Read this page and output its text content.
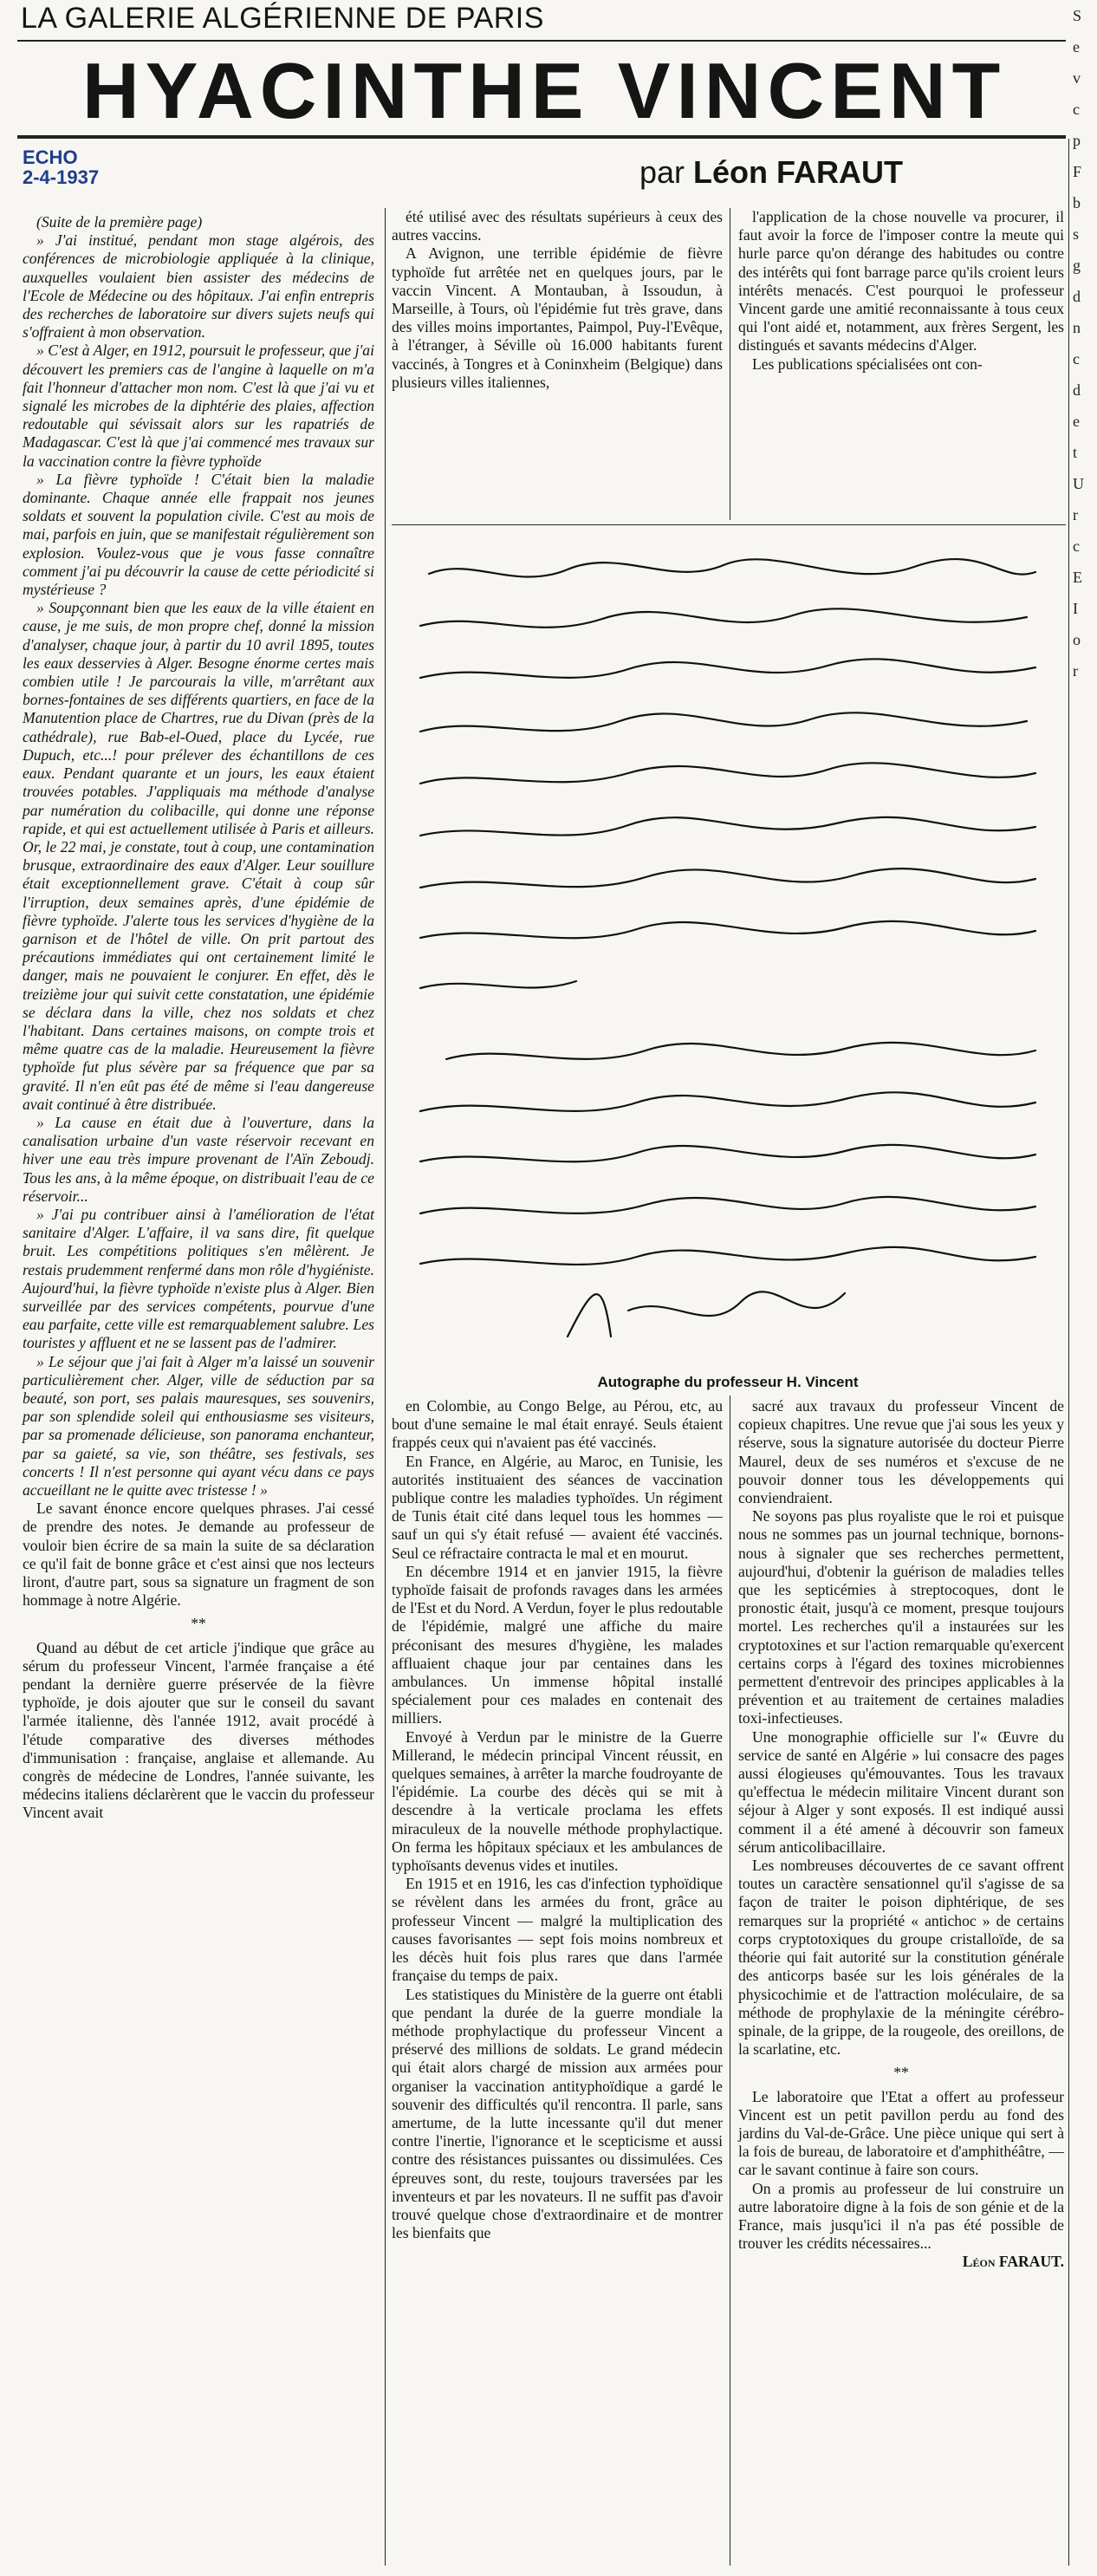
LA GALERIE ALGÉRIENNE DE PARIS
HYACINTHE VINCENT
ECHO
2-4-1937	par Léon FARAUT

(Suite de la première page)

» J'ai institué, pendant mon stage algérois, des conférences de microbiologie appliquée à la clinique, auxquelles voulaient bien assister des médecins de l'Ecole de Médecine ou des hôpitaux. J'ai enfin entrepris des recherches de laboratoire sur divers sujets neufs qui s'offraient à mon observation.

» C'est à Alger, en 1912, poursuit le professeur, que j'ai découvert les premiers cas de l'angine à laquelle on m'a fait l'honneur d'attacher mon nom. C'est là que j'ai vu et signalé les microbes de la diphtérie des plaies, affection redoutable qui sévissait alors sur les rapatriés de Madagascar. C'est là que j'ai commencé mes travaux sur la vaccination contre la fièvre typhoïde

» La fièvre typhoïde ! C'était bien la maladie dominante. Chaque année elle frappait nos jeunes soldats et souvent la population civile. C'est au mois de mai, parfois en juin, que se manifestait régulièrement son explosion. Voulez-vous que je vous fasse connaître comment j'ai pu découvrir la cause de cette périodicité si mystérieuse ?

» Soupçonnant bien que les eaux de la ville étaient en cause, je me suis, de mon propre chef, donné la mission d'analyser, chaque jour, à partir du 10 avril 1895, toutes les eaux desservies à Alger. Besogne énorme certes mais combien utile ! Je parcourais la ville, m'arrêtant aux bornes-fontaines de ses différents quartiers, en face de la Manutention place de Chartres, rue du Divan (près de la cathédrale), rue Bab-el-Oued, place du Lycée, rue Dupuch, etc...! pour prélever des échantillons de ces eaux. Pendant quarante et un jours, les eaux étaient trouvées potables. J'appliquais ma méthode d'analyse par numération du colibacille, qui donne une réponse rapide, et qui est actuellement utilisée à Paris et ailleurs. Or, le 22 mai, je constate, tout à coup, une contamination brusque, extraordinaire des eaux d'Alger. Leur souillure était exceptionnellement grave. C'était à coup sûr l'irruption, deux semaines après, d'une épidémie de fièvre typhoïde. J'alerte tous les services d'hygiène de la garnison et de l'hôtel de ville. On prit partout des précautions immédiates qui ont certainement limité le danger, mais ne pouvaient le conjurer. En effet, dès le treizième jour qui suivit cette constatation, une épidémie se déclara dans la ville, chez nos soldats et chez l'habitant. Dans certaines maisons, on compte trois et même quatre cas de la maladie. Heureusement la fièvre typhoïde fut plus sévère par sa fréquence que par sa gravité. Il n'en eût pas été de même si l'eau dangereuse avait continué à être distribuée.

» La cause en était due à l'ouverture, dans la canalisation urbaine d'un vaste réservoir recevant en hiver une eau très impure provenant de l'Aïn Zeboudj. Tous les ans, à la même époque, on distribuait l'eau de ce réservoir...

» J'ai pu contribuer ainsi à l'amélioration de l'état sanitaire d'Alger. L'affaire, il va sans dire, fit quelque bruit. Les compétitions politiques s'en mêlèrent. Je restais prudemment renfermé dans mon rôle d'hygiéniste. Aujourd'hui, la fièvre typhoïde n'existe plus à Alger. Bien surveillée par des services compétents, pourvue d'une eau parfaite, cette ville est remarquablement salubre. Les touristes y affluent et ne se lassent pas de l'admirer.

» Le séjour que j'ai fait à Alger m'a laissé un souvenir particulièrement cher. Alger, ville de séduction par sa beauté, son port, ses palais mauresques, ses souvenirs, par son splendide soleil qui enthousiasme ses visiteurs, par sa promenade délicieuse, son panorama enchanteur, par sa gaieté, sa vie, son théâtre, ses festivals, ses concerts ! Il n'est personne qui ayant vécu dans ce pays accueillant ne le quitte avec tristesse ! »

Le savant énonce encore quelques phrases. J'ai cessé de prendre des notes. Je demande au professeur de vouloir bien écrire de sa main la suite de sa déclaration ce qu'il fait de bonne grâce et c'est ainsi que nos lecteurs liront, d'autre part, sous sa signature un fragment de son hommage à notre Algérie.

**

Quand au début de cet article j'indique que grâce au sérum du professeur Vincent, l'armée française a été pendant la dernière guerre préservée de la fièvre typhoïde, je dois ajouter que sur le conseil du savant l'armée italienne, dès l'année 1912, avait procédé à l'étude comparative des diverses méthodes d'immunisation : française, anglaise et allemande. Au congrès de médecine de Londres, l'année suivante, les médecins italiens déclarèrent que le vaccin du professeur Vincent avait

été utilisé avec des résultats supérieurs à ceux des autres vaccins.

A Avignon, une terrible épidémie de fièvre typhoïde fut arrêtée net en quelques jours, par le vaccin Vincent. A Montauban, à Issoudun, à Marseille, à Tours, où l'épidémie fut très grave, dans des villes moins importantes, Paimpol, Puy-l'Evêque, à l'étranger, à Séville où 16.000 habitants furent vaccinés, à Tongres et à Coninxheim (Belgique) dans plusieurs villes italiennes,

l'application de la chose nouvelle va procurer, il faut avoir la force de l'imposer contre la meute qui hurle parce qu'on dérange des habitudes ou contre des intérêts qui font barrage parce qu'ils croient leurs intérêts menacés. C'est pourquoi le professeur Vincent garde une amitié reconnaissante à tous ceux qui l'ont aidé et, notamment, aux frères Sergent, les distingués et savants médecins d'Alger.

Les publications spécialisées ont con-

Autographe du professeur H. Vincent

en Colombie, au Congo Belge, au Pérou, etc, au bout d'une semaine le mal était enrayé. Seuls étaient frappés ceux qui n'avaient pas été vaccinés.

En France, en Algérie, au Maroc, en Tunisie, les autorités instituaient des séances de vaccination publique contre les maladies typhoïdes. Un régiment de Tunis était cité dans lequel tous les hommes — sauf un qui s'y était refusé — avaient été vaccinés. Seul ce réfractaire contracta le mal et en mourut.

En décembre 1914 et en janvier 1915, la fièvre typhoïde faisait de profonds ravages dans les armées de l'Est et du Nord. A Verdun, foyer le plus redoutable de l'épidémie, malgré une affiche du maire préconisant des mesures d'hygiène, les malades affluaient chaque jour par centaines dans les ambulances. Un immense hôpital installé spécialement pour ces malades en contenait des milliers.

Envoyé à Verdun par le ministre de la Guerre Millerand, le médecin principal Vincent réussit, en quelques semaines, à arrêter la marche foudroyante de l'épidémie. La courbe des décès qui se mit à descendre à la verticale proclama les effets miraculeux de la nouvelle méthode prophylactique. On ferma les hôpitaux spéciaux et les ambulances de typhoïsants devenus vides et inutiles.

En 1915 et en 1916, les cas d'infection typhoïdique se révèlent dans les armées du front, grâce au professeur Vincent — malgré la multiplication des causes favorisantes — sept fois moins nombreux et les décès huit fois plus rares que dans l'armée française du temps de paix.

Les statistiques du Ministère de la guerre ont établi que pendant la durée de la guerre mondiale la méthode prophylactique du professeur Vincent a préservé des millions de soldats. Le grand médecin qui était alors chargé de mission aux armées pour organiser la vaccination antityphoïdique a gardé le souvenir des difficultés qu'il rencontra. Il parle, sans amertume, de la lutte incessante qu'il dut mener contre l'inertie, l'ignorance et le scepticisme et aussi contre des résistances puissantes ou dissimulées. Ces épreuves sont, du reste, toujours traversées par les inventeurs et par les novateurs. Il ne suffit pas d'avoir trouvé quelque chose d'extraordinaire et de montrer les bienfaits que

sacré aux travaux du professeur Vincent de copieux chapitres. Une revue que j'ai sous les yeux y réserve, sous la signature autorisée du docteur Pierre Maurel, deux de ses numéros et s'excuse de ne pouvoir donner tous les développements qui conviendraient.

Ne soyons pas plus royaliste que le roi et puisque nous ne sommes pas un journal technique, bornons-nous à signaler que ses recherches permettent, aujourd'hui, d'obtenir la guérison de maladies telles que les septicémies à streptocoques, dont le pronostic était, jusqu'à ce moment, presque toujours mortel. Les recherches qu'il a instaurées sur les cryptotoxines et sur l'action remarquable qu'exercent certains corps à l'égard des toxines microbiennes permettent d'entrevoir des principes applicables à la prévention et au traitement de certaines maladies toxi-infectieuses.

Une monographie officielle sur l'« Œuvre du service de santé en Algérie » lui consacre des pages aussi élogieuses qu'émouvantes. Tous les travaux qu'effectua le médecin militaire Vincent durant son séjour à Alger y sont exposés. Il est indiqué aussi comment il a été amené à découvrir son fameux sérum anticolibacillaire.

Les nombreuses découvertes de ce savant offrent toutes un caractère sensationnel qu'il s'agisse de sa façon de traiter le poison diphtérique, de ses remarques sur la propriété « antichoc » de certains corps cryptotoxiques du groupe cristalloïde, de sa théorie qui fait autorité sur la constitution générale des anticorps basée sur les lois générales de la physicochimie et de l'attraction moléculaire, de sa méthode de prophylaxie de la méningite cérébro-spinale, de la grippe, de la rougeole, des oreillons, de la scarlatine, etc.

**

Le laboratoire que l'Etat a offert au professeur Vincent est un petit pavillon perdu au fond des jardins du Val-de-Grâce. Une pièce unique qui sert à la fois de bureau, de laboratoire et d'amphithéâtre, — car le savant continue à faire son cours.

On a promis au professeur de lui construire un autre laboratoire digne à la fois de son génie et de la France, mais jusqu'ici il n'a pas été possible de trouver les crédits nécessaires...

Léon FARAUT.

S
e
v
c
p
F
b
s
g
d
n
c
d
e
t
U
r
c
E
I
o
r
